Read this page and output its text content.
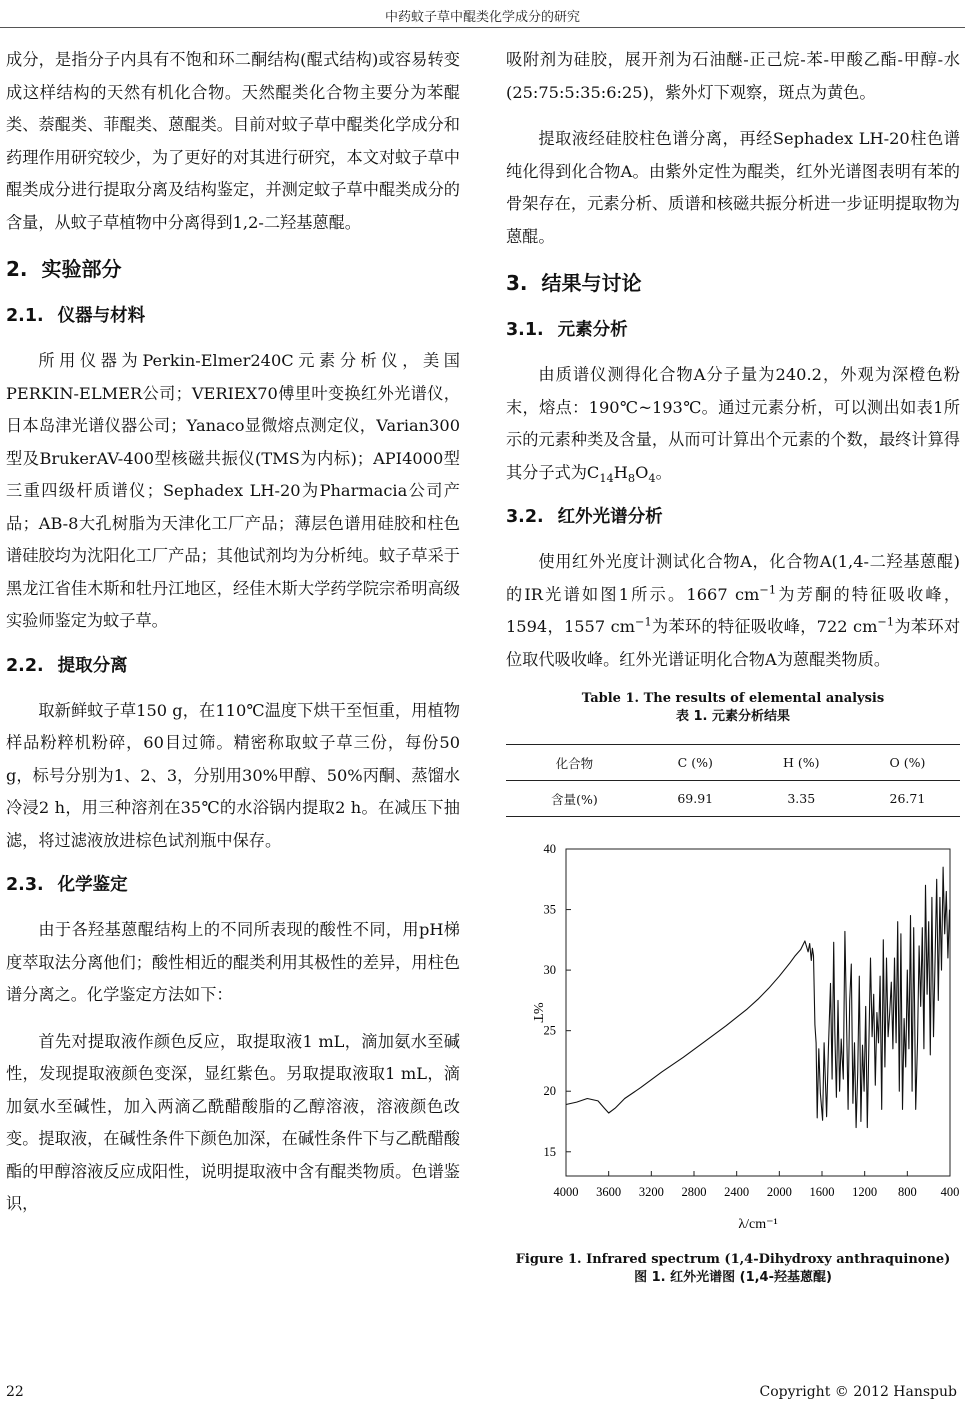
中药蚊子草中醌类化学成分的研究

成分，是指分子内具有不饱和环二酮结构(醌式结构)或容易转变成这样结构的天然有机化合物。天然醌类化合物主要分为苯醌类、萘醌类、菲醌类、蒽醌类。目前对蚊子草中醌类化学成分和药理作用研究较少，为了更好的对其进行研究，本文对蚊子草中醌类成分进行提取分离及结构鉴定，并测定蚊子草中醌类成分的含量，从蚊子草植物中分离得到1,2-二羟基蒽醌。

2. 实验部分
2.1. 仪器与材料

所用仪器为Perkin-Elmer240C元素分析仪，美国PERKIN-ELMER公司；VERIEX70傅里叶变换红外光谱仪，日本岛津光谱仪器公司；Yanaco显微熔点测定仪，Varian300型及BrukerAV-400型核磁共振仪(TMS为内标)；API4000型三重四级杆质谱仪；Sephadex LH-20为Pharmacia公司产品；AB-8大孔树脂为天津化工厂产品；薄层色谱用硅胶和柱色谱硅胶均为沈阳化工厂产品；其他试剂均为分析纯。蚊子草采于黑龙江省佳木斯和牡丹江地区，经佳木斯大学药学院宗希明高级实验师鉴定为蚊子草。

2.2. 提取分离

取新鲜蚊子草150 g，在110℃温度下烘干至恒重，用植物样品粉粹机粉碎，60目过筛。精密称取蚊子草三份，每份50 g，标号分别为1、2、3，分别用30%甲醇、50%丙酮、蒸馏水冷浸2 h，用三种溶剂在35℃的水浴锅内提取2 h。在减压下抽滤，将过滤液放进棕色试剂瓶中保存。

2.3. 化学鉴定

由于各羟基蒽醌结构上的不同所表现的酸性不同，用pH梯度萃取法分离他们；酸性相近的醌类利用其极性的差异，用柱色谱分离之。化学鉴定方法如下：

首先对提取液作颜色反应，取提取液1 mL，滴加氨水至碱性，发现提取液颜色变深，显红紫色。另取提取液取1 mL，滴加氨水至碱性，加入两滴乙酰醋酸脂的乙醇溶液，溶液颜色改变。提取液，在碱性条件下颜色加深，在碱性条件下与乙酰醋酸酯的甲醇溶液反应成阳性，说明提取液中含有醌类物质。色谱鉴识，

吸附剂为硅胶，展开剂为石油醚-正己烷-苯-甲酸乙酯-甲醇-水(25:75:5:35:6:25)，紫外灯下观察，斑点为黄色。

提取液经硅胶柱色谱分离，再经Sephadex LH-20柱色谱纯化得到化合物A。由紫外定性为醌类，红外光谱图表明有苯的骨架存在，元素分析、质谱和核磁共振分析进一步证明提取物为蒽醌。

3. 结果与讨论
3.1. 元素分析

由质谱仪测得化合物A分子量为240.2，外观为深橙色粉末，熔点：190℃~193℃。通过元素分析，可以测出如表1所示的元素种类及含量，从而可计算出个元素的个数，最终计算得其分子式为$C_{14}H_8O_4$。

3.2. 红外光谱分析

使用红外光度计测试化合物A，化合物A(1,4-二羟基蒽醌)的IR光谱如图1所示。1667 $cm^{-1}$为芳酮的特征吸收峰，1594，1557 $cm^{-1}$为苯环的特征吸收峰，722 $cm^{-1}$为苯环对位取代吸收峰。红外光谱证明化合物A为蒽醌类物质。

Table 1. The results of elemental analysis
表 1. 元素分析结果
化合物	C (%)	H (%)	O (%)
含量(%)	69.91	3.35	26.71
15
20
25
30
35
40
4000 3600 3200 2800 2400 2000 1600 1200 800 400
%T
λ/cm⁻¹
Figure 1. Infrared spectrum (1,4-Dihydroxy anthraquinone)
图 1. 红外光谱图 (1,4-羟基蒽醌)
22	Copyright © 2012 Hanspub
